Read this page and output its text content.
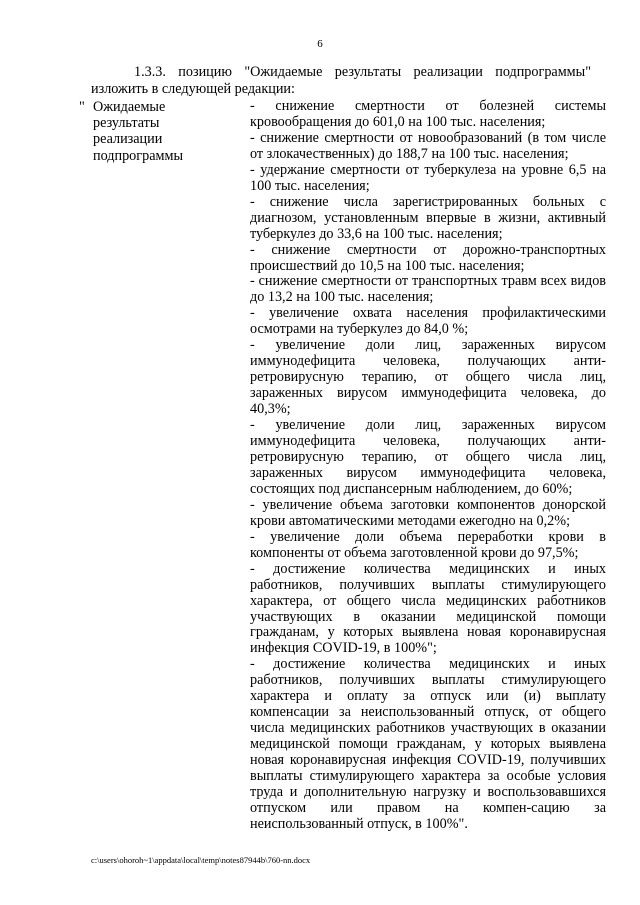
6

1.3.3. позицию "Ожидаемые результаты реализации подпрограммы" изложить в следующей редакции:

" Ожидаемые
результаты
реализации
подпрограммы
- снижение смертности от болезней системы кровообращения до 601,0 на 100 тыс. населения;
- снижение смертности от новообразований (в том числе от злокачественных) до 188,7 на 100 тыс. населения;
- удержание смертности от туберкулеза на уровне 6,5 на 100 тыс. населения;
- снижение числа зарегистрированных больных с диагнозом, установленным впервые в жизни, активный туберкулез до 33,6 на 100 тыс. населения;
- снижение смертности от дорожно-транспортных происшествий до 10,5 на 100 тыс. населения;
- снижение смертности от транспортных травм всех видов до 13,2 на 100 тыс. населения;
- увеличение охвата населения профилактическими осмотрами на туберкулез до 84,0 %;
- увеличение доли лиц, зараженных вирусом иммунодефицита человека, получающих анти-ретровирусную терапию, от общего числа лиц, зараженных вирусом иммунодефицита человека, до 40,3%;
- увеличение доли лиц, зараженных вирусом иммунодефицита человека, получающих анти-ретровирусную терапию, от общего числа лиц, зараженных вирусом иммунодефицита человека, состоящих под диспансерным наблюдением, до 60%;
- увеличение объема заготовки компонентов донорской крови автоматическими методами ежегодно на 0,2%;
- увеличение доли объема переработки крови в компоненты от объема заготовленной крови до 97,5%;
- достижение количества медицинских и иных работников, получивших выплаты стимулирующего характера, от общего числа медицинских работников участвующих в оказании медицинской помощи гражданам, у которых выявлена новая коронавирусная инфекция COVID-19, в 100%";
- достижение количества медицинских и иных работников, получивших выплаты стимулирующего характера и оплату за отпуск или (и) выплату компенсации за неиспользованный отпуск, от общего числа медицинских работников участвующих в оказании медицинской помощи гражданам, у которых выявлена новая коронавирусная инфекция COVID-19, получивших выплаты стимулирующего характера за особые условия труда и дополнительную нагрузку и воспользовавшихся отпуском или правом на компен-сацию за неиспользованный отпуск, в 100%".
c:\users\ohoroh~1\appdata\local\temp\notes87944b\760-nn.docx
